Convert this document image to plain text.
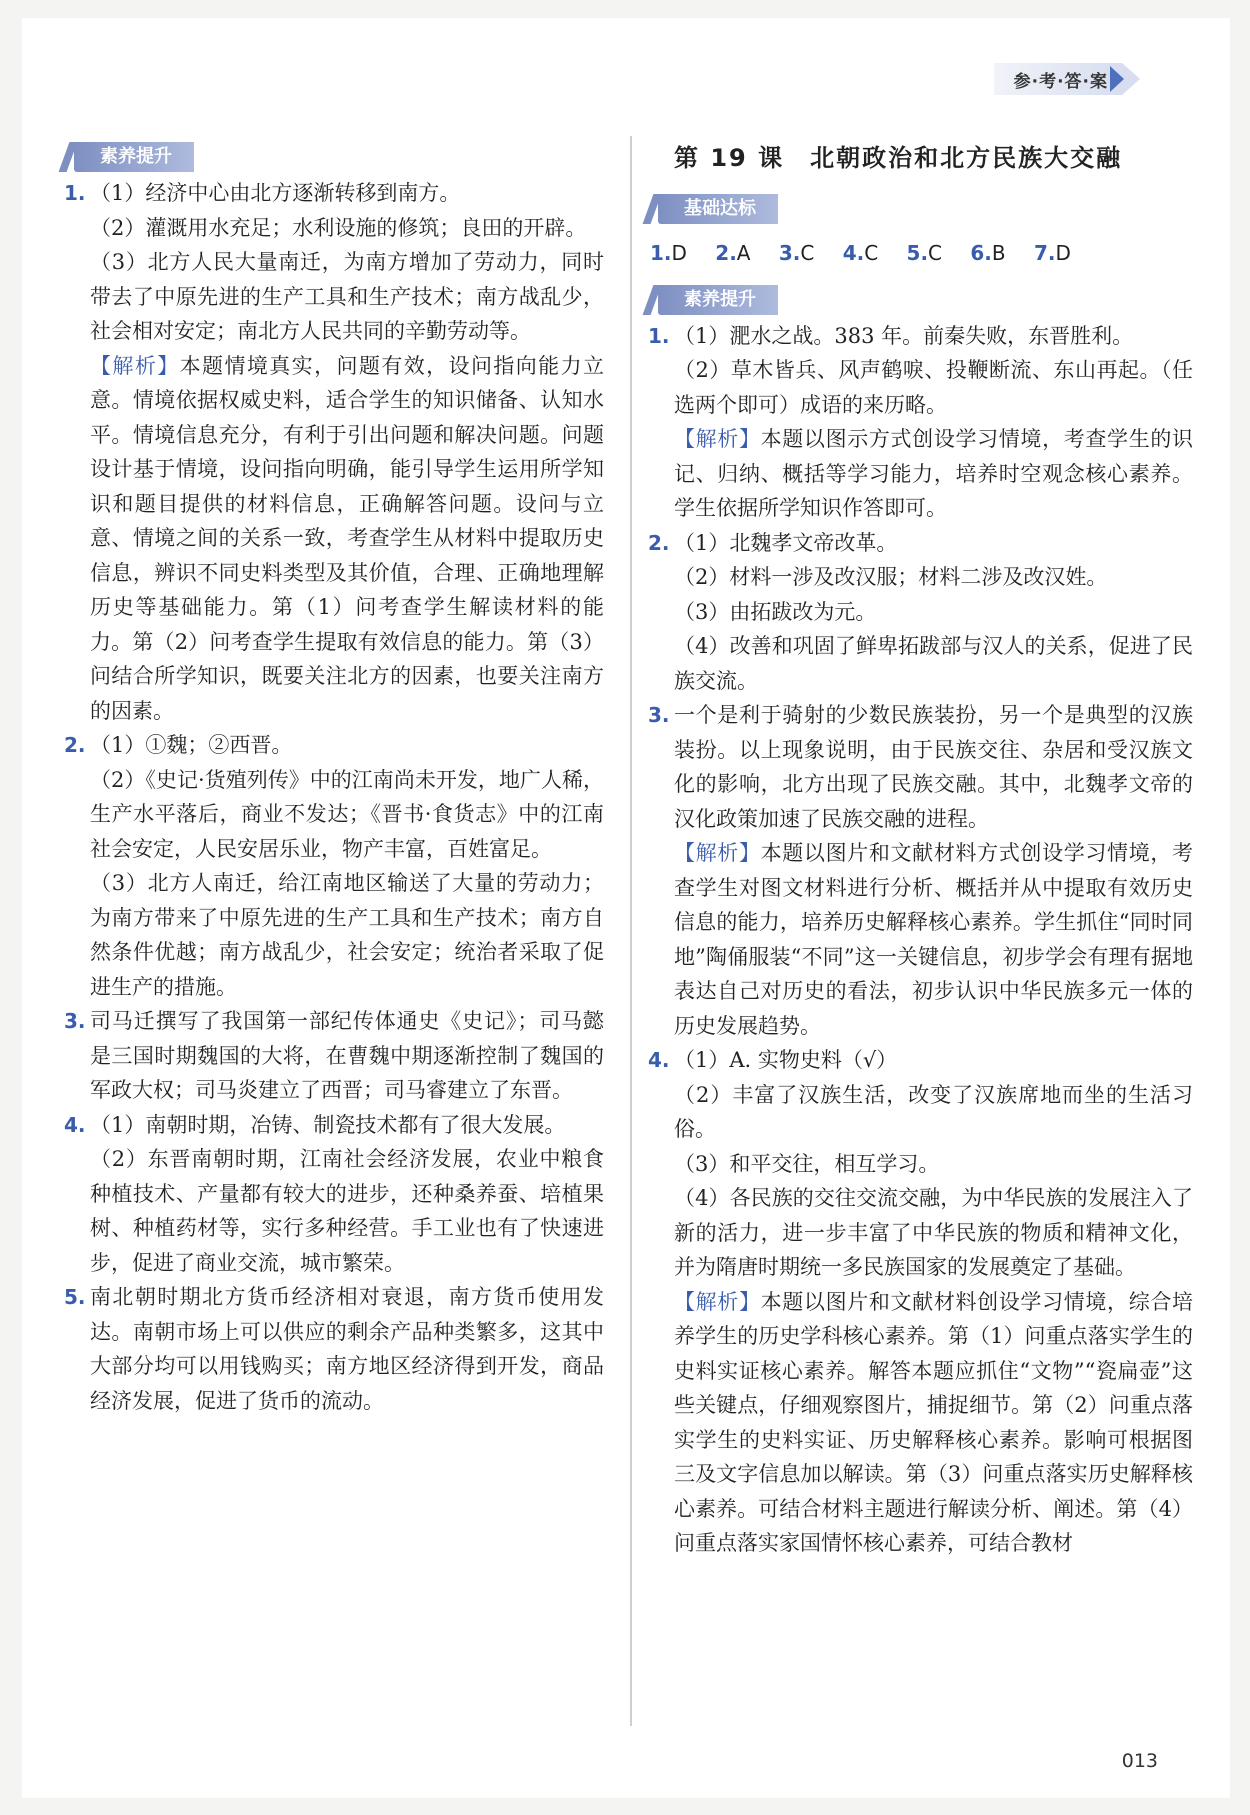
参·考·答·案
素养提升
1. （1）经济中心由北方逐渐转移到南方。

（2）灌溉用水充足；水利设施的修筑；良田的开辟。

（3）北方人民大量南迁，为南方增加了劳动力，同时带去了中原先进的生产工具和生产技术；南方战乱少，社会相对安定；南北方人民共同的辛勤劳动等。

【解析】本题情境真实，问题有效，设问指向能力立意。情境依据权威史料，适合学生的知识储备、认知水平。情境信息充分，有利于引出问题和解决问题。问题设计基于情境，设问指向明确，能引导学生运用所学知识和题目提供的材料信息，正确解答问题。设问与立意、情境之间的关系一致，考查学生从材料中提取历史信息，辨识不同史料类型及其价值，合理、正确地理解历史等基础能力。第（1）问考查学生解读材料的能力。第（2）问考查学生提取有效信息的能力。第（3）问结合所学知识，既要关注北方的因素，也要关注南方的因素。

2. （1）①魏；②西晋。

（2）《史记·货殖列传》中的江南尚未开发，地广人稀，生产水平落后，商业不发达；《晋书·食货志》中的江南社会安定，人民安居乐业，物产丰富，百姓富足。

（3）北方人南迁，给江南地区输送了大量的劳动力；为南方带来了中原先进的生产工具和生产技术；南方自然条件优越；南方战乱少，社会安定；统治者采取了促进生产的措施。

3. 司马迁撰写了我国第一部纪传体通史《史记》；司马懿是三国时期魏国的大将，在曹魏中期逐渐控制了魏国的军政大权；司马炎建立了西晋；司马睿建立了东晋。

4. （1）南朝时期，冶铸、制瓷技术都有了很大发展。

（2）东晋南朝时期，江南社会经济发展，农业中粮食种植技术、产量都有较大的进步，还种桑养蚕、培植果树、种植药材等，实行多种经营。手工业也有了快速进步，促进了商业交流，城市繁荣。

5. 南北朝时期北方货币经济相对衰退，南方货币使用发达。南朝市场上可以供应的剩余产品种类繁多，这其中大部分均可以用钱购买；南方地区经济得到开发，商品经济发展，促进了货币的流动。

第 19 课　北朝政治和北方民族大交融
基础达标
1.D 2.A 3.C 4.C 5.C 6.B 7.D
素养提升
1. （1）淝水之战。383 年。前秦失败，东晋胜利。

（2）草木皆兵、风声鹤唳、投鞭断流、东山再起。（任选两个即可）成语的来历略。

【解析】本题以图示方式创设学习情境，考查学生的识记、归纳、概括等学习能力，培养时空观念核心素养。学生依据所学知识作答即可。

2. （1）北魏孝文帝改革。

（2）材料一涉及改汉服；材料二涉及改汉姓。

（3）由拓跋改为元。

（4）改善和巩固了鲜卑拓跋部与汉人的关系，促进了民族交流。

3. 一个是利于骑射的少数民族装扮，另一个是典型的汉族装扮。以上现象说明，由于民族交往、杂居和受汉族文化的影响，北方出现了民族交融。其中，北魏孝文帝的汉化政策加速了民族交融的进程。

【解析】本题以图片和文献材料方式创设学习情境，考查学生对图文材料进行分析、概括并从中提取有效历史信息的能力，培养历史解释核心素养。学生抓住“同时同地”陶俑服装“不同”这一关键信息，初步学会有理有据地表达自己对历史的看法，初步认识中华民族多元一体的历史发展趋势。

4. （1）A. 实物史料（√）

（2）丰富了汉族生活，改变了汉族席地而坐的生活习俗。

（3）和平交往，相互学习。

（4）各民族的交往交流交融，为中华民族的发展注入了新的活力，进一步丰富了中华民族的物质和精神文化，并为隋唐时期统一多民族国家的发展奠定了基础。

【解析】本题以图片和文献材料创设学习情境，综合培养学生的历史学科核心素养。第（1）问重点落实学生的史料实证核心素养。解答本题应抓住“文物”“瓷扁壶”这些关键点，仔细观察图片，捕捉细节。第（2）问重点落实学生的史料实证、历史解释核心素养。影响可根据图三及文字信息加以解读。第（3）问重点落实历史解释核心素养。可结合材料主题进行解读分析、阐述。第（4）问重点落实家国情怀核心素养，可结合教材

013
